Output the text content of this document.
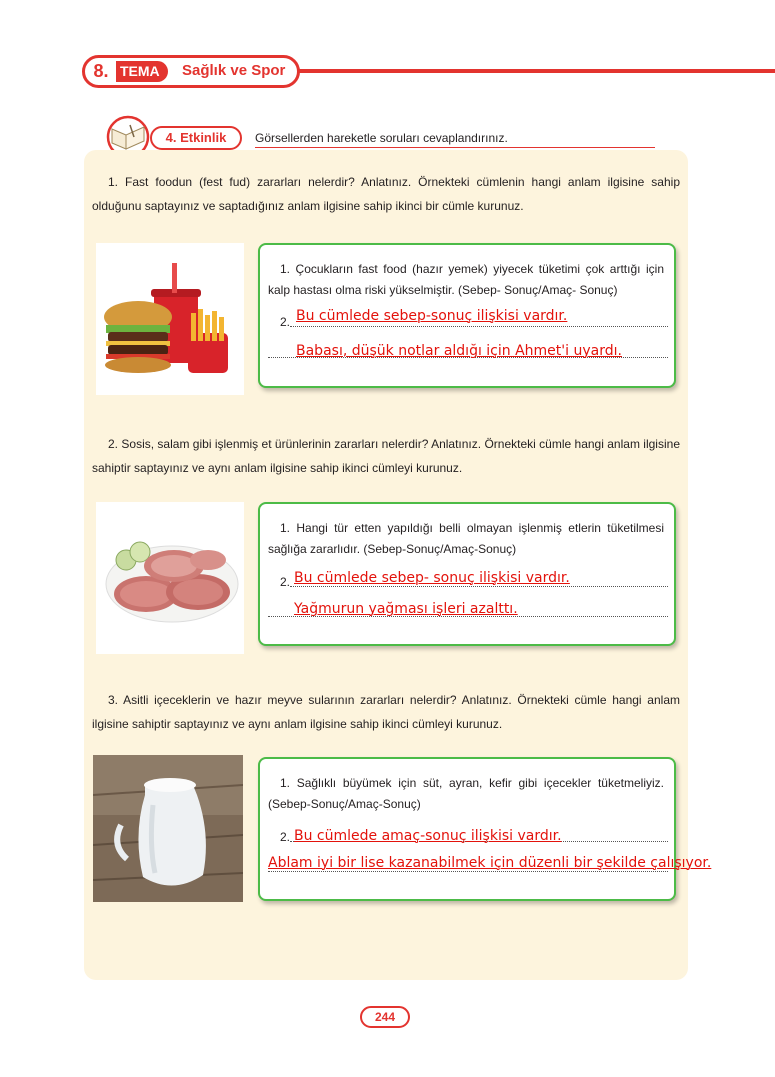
8. TEMA	Sağlık ve Spor
4. Etkinlik	Görsellerden hareketle soruları cevaplandırınız.
1. Fast foodun (fest fud) zararları nelerdir? Anlatınız. Örnekteki cümlenin hangi anlam ilgisine sahip olduğunu saptayınız ve saptadığınız anlam ilgisine sahip ikinci bir cümle kurunuz.
1. Çocukların fast food (hazır yemek) yiyecek tüketimi çok arttığı için kalp hastası olma riski yükselmiştir. (Sebep- Sonuç/Amaç- Sonuç)
2. Bu cümlede sebep-sonuç ilişkisi vardır.
Babası, düşük notlar aldığı için Ahmet'i uyardı.
2. Sosis, salam gibi işlenmiş et ürünlerinin zararları nelerdir? Anlatınız. Örnekteki cümle hangi anlam ilgisine sahiptir saptayınız ve aynı anlam ilgisine sahip ikinci cümleyi kurunuz.
1. Hangi tür etten yapıldığı belli olmayan işlenmiş etlerin tüketilmesi sağlığa zararlıdır. (Sebep-Sonuç/Amaç-Sonuç)
2. Bu cümlede sebep- sonuç ilişkisi vardır.
Yağmurun yağması işleri azalttı.
3. Asitli içeceklerin ve hazır meyve sularının zararları nelerdir? Anlatınız. Örnekteki cümle hangi anlam ilgisine sahiptir saptayınız ve aynı anlam ilgisine sahip ikinci cümleyi kurunuz.
1. Sağlıklı büyümek için süt, ayran, kefir gibi içecekler tüketmeliyiz. (Sebep-Sonuç/Amaç-Sonuç)
2. Bu cümlede amaç-sonuç ilişkisi vardır.
Ablam iyi bir lise kazanabilmek için düzenli bir şekilde çalışıyor.
244
